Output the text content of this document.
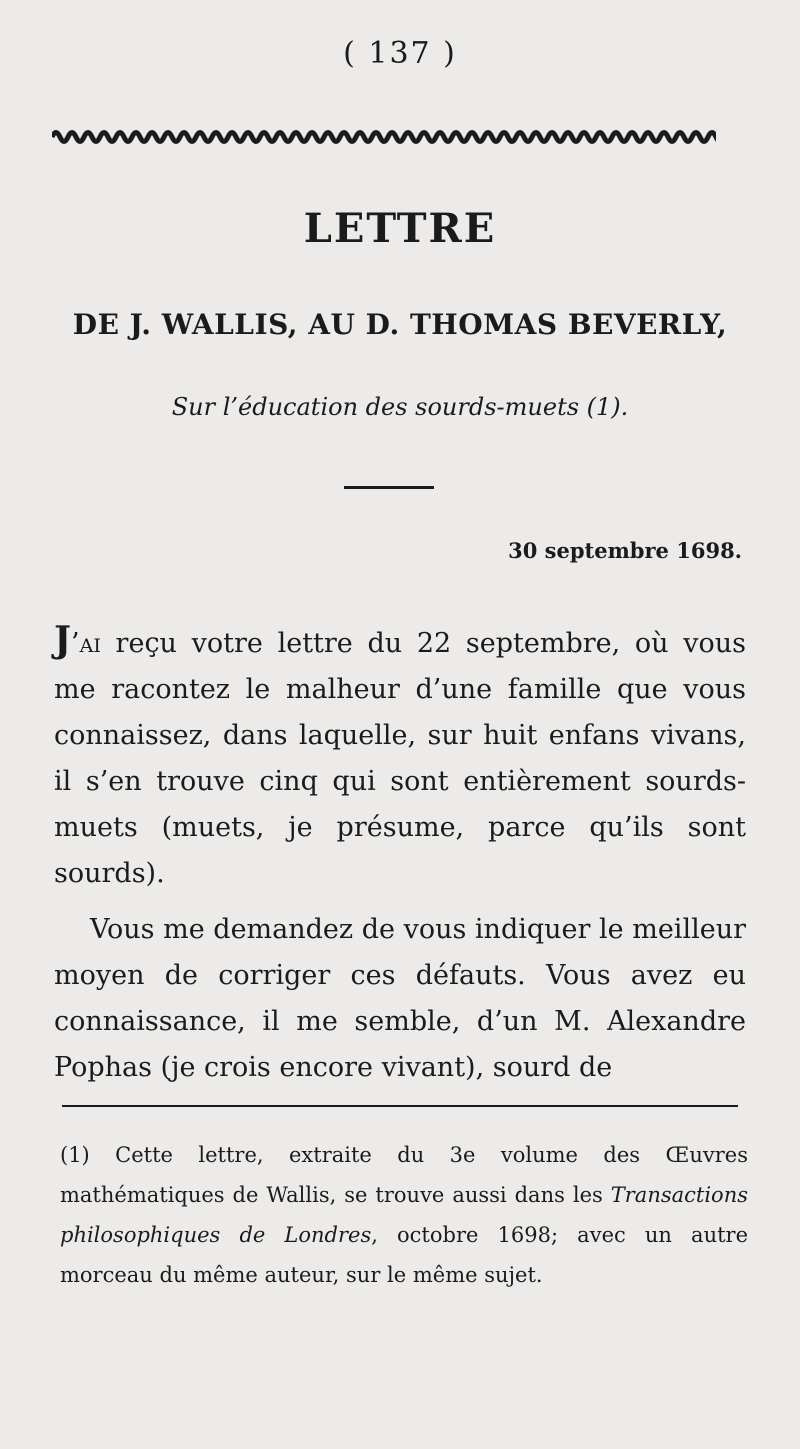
( 137 )
LETTRE
DE J. WALLIS, AU D. THOMAS BEVERLY,
Sur l’éducation des sourds-muets (1).
30 septembre 1698.

J’ai reçu votre lettre du 22 septembre, où vous me racontez le malheur d’une famille que vous connaissez, dans laquelle, sur huit enfans vivans, il s’en trouve cinq qui sont entièrement sourds-muets (muets, je présume, parce qu’ils sont sourds).

Vous me demandez de vous indiquer le meilleur moyen de corriger ces défauts. Vous avez eu connaissance, il me semble, d’un M. Alexandre Pophas (je crois encore vivant), sourd de

(1) Cette lettre, extraite du 3e volume des Œuvres mathématiques de Wallis, se trouve aussi dans les Transactions philosophiques de Londres, octobre 1698; avec un autre morceau du même auteur, sur le même sujet.
